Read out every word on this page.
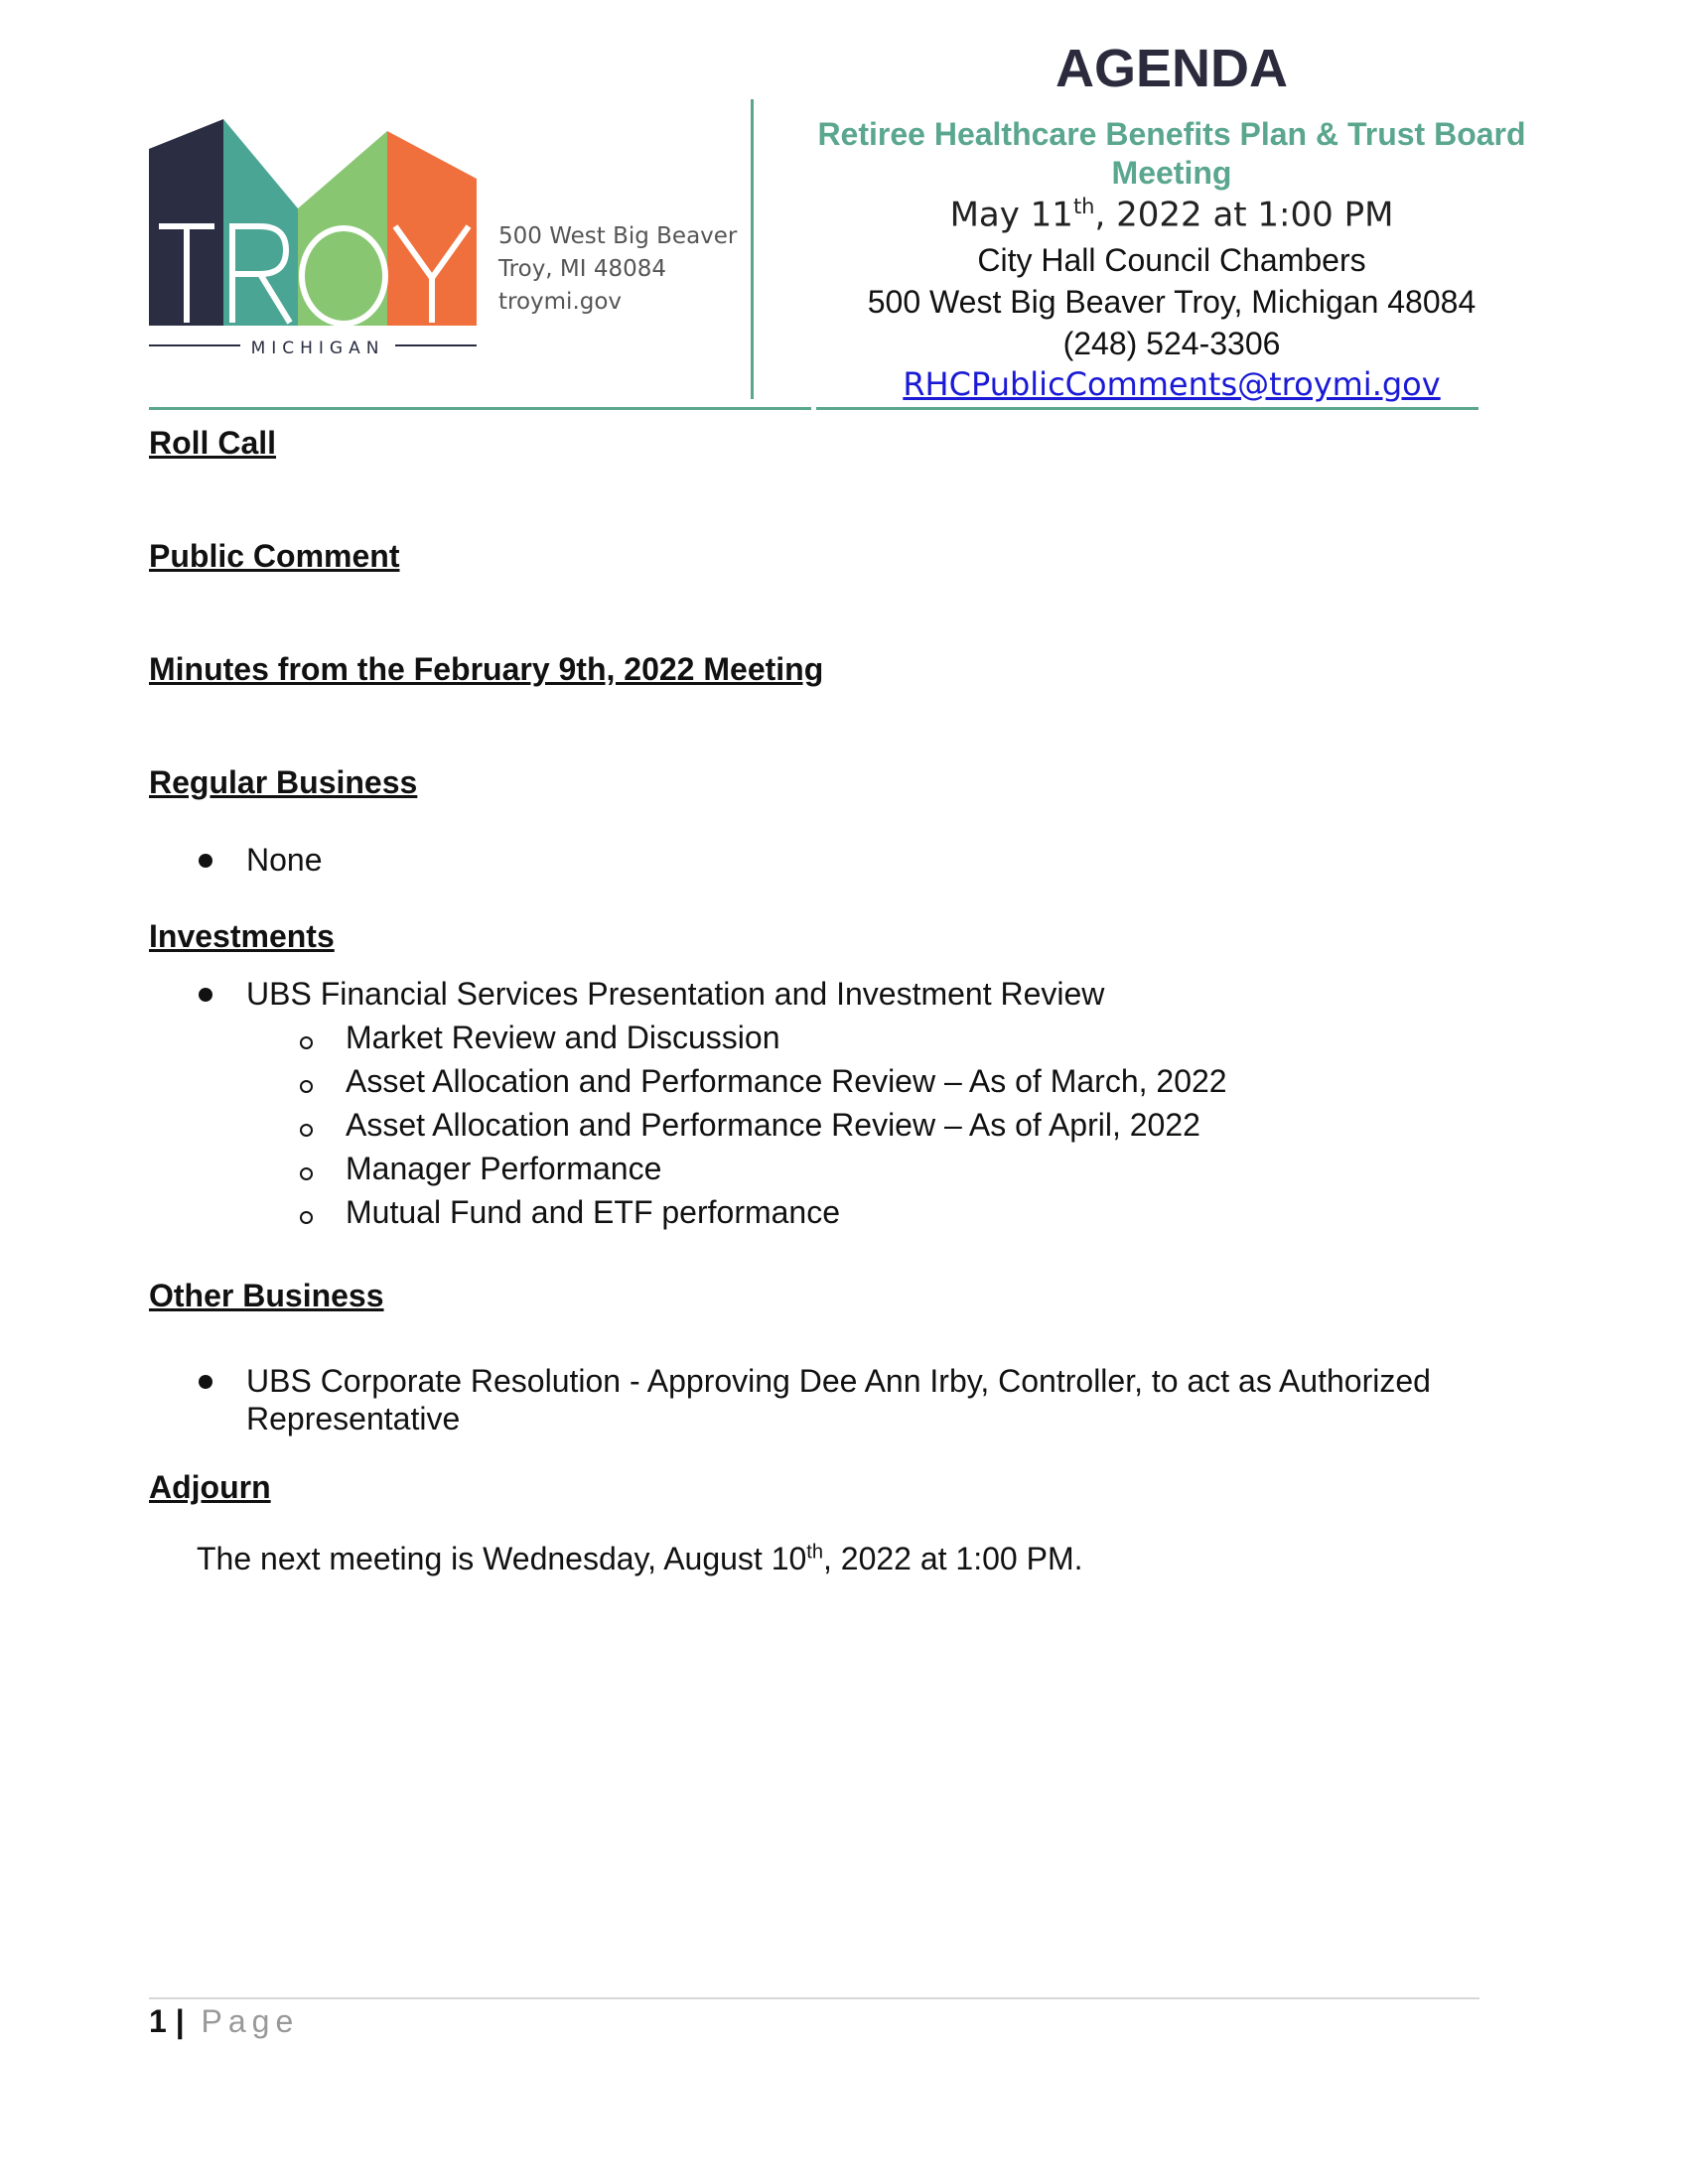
MICHIGAN
500 West Big Beaver
Troy, MI 48084
troymi.gov
AGENDA
Retiree Healthcare Benefits Plan & Trust Board
Meeting
May 11th, 2022 at 1:00 PM
City Hall Council Chambers
500 West Big Beaver Troy, Michigan 48084
(248) 524-3306
RHCPublicComments@troymi.gov
Roll Call
Public Comment
Minutes from the February 9th, 2022 Meeting
Regular Business
None
Investments
UBS Financial Services Presentation and Investment Review
Market Review and Discussion
Asset Allocation and Performance Review – As of March, 2022
Asset Allocation and Performance Review – As of April, 2022
Manager Performance
Mutual Fund and ETF performance
Other Business
UBS Corporate Resolution - Approving Dee Ann Irby, Controller, to act as Authorized
Representative
Adjourn
The next meeting is Wednesday, August 10th, 2022 at 1:00 PM.
1 | Page
